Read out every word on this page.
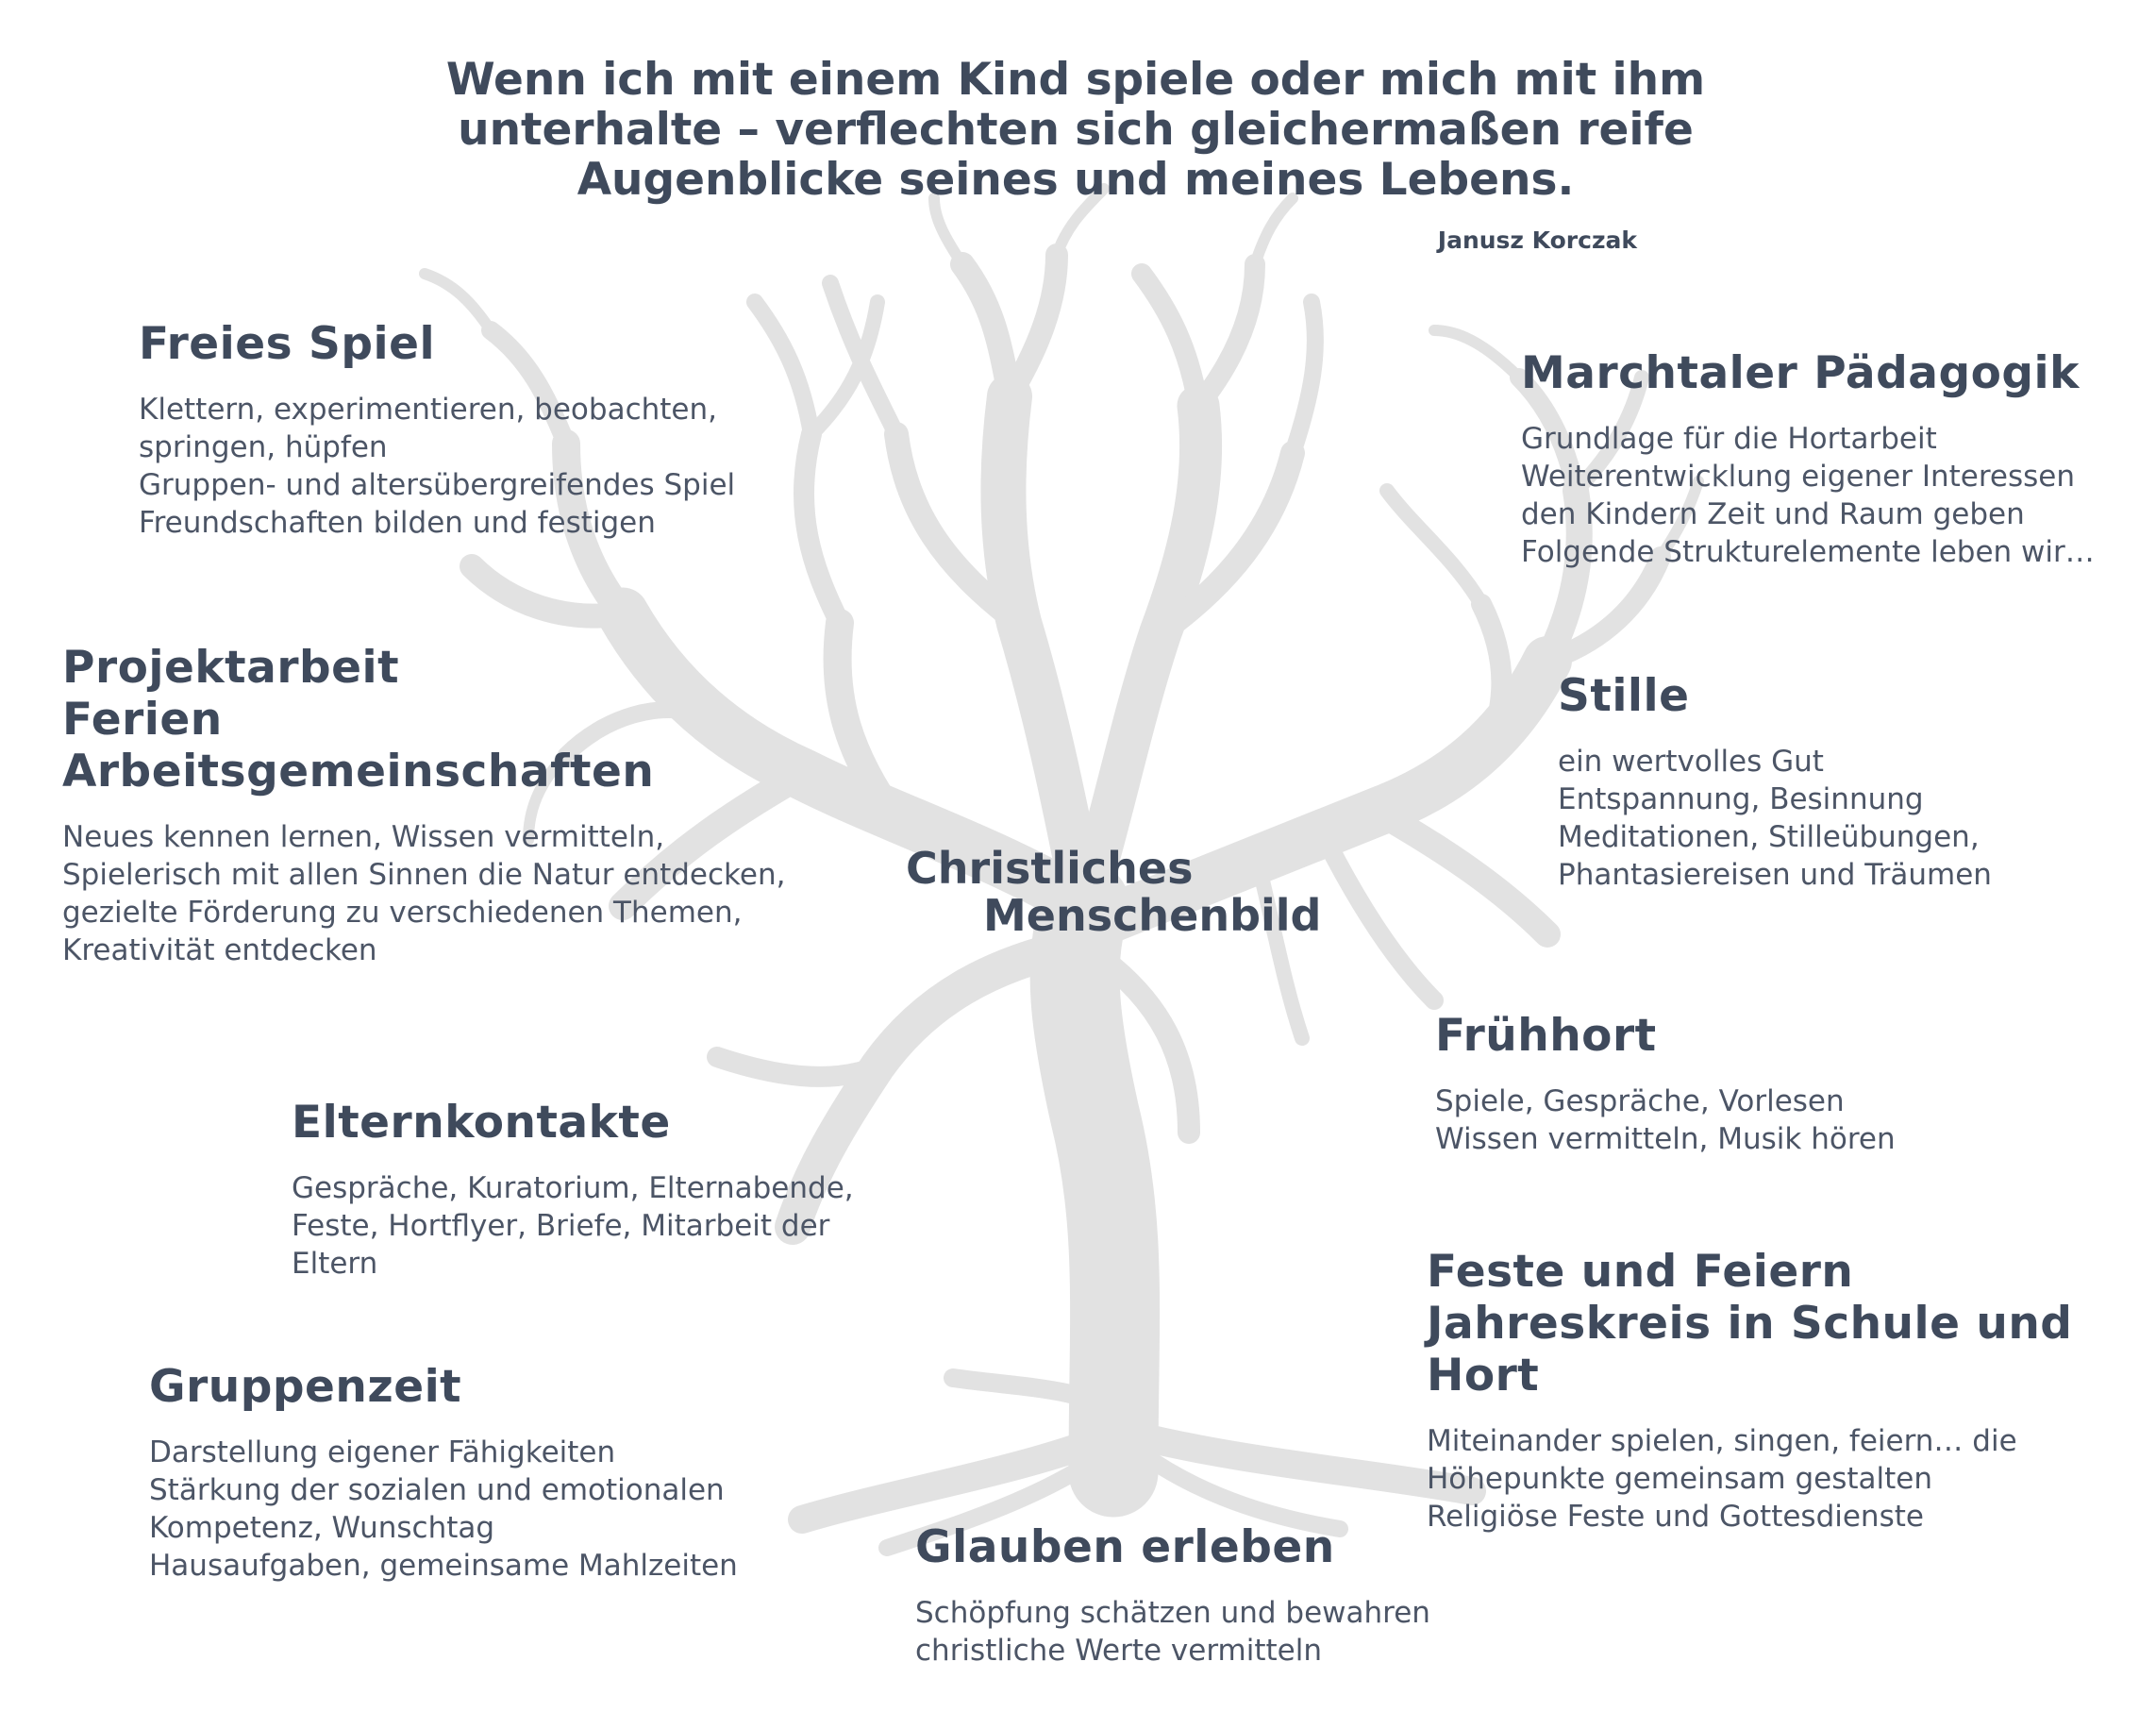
Wenn ich mit einem Kind spiele oder mich mit ihm
unterhalte – verflechten sich gleichermaßen reife
Augenblicke seines und meines Lebens.
Janusz Korczak
Christliches
Menschenbild
Freies Spiel
Klettern, experimentieren, beobachten,
springen, hüpfen
Gruppen- und altersübergreifendes Spiel
Freundschaften bilden und festigen
Projektarbeit
Ferien
Arbeitsgemeinschaften
Neues kennen lernen, Wissen vermitteln,
Spielerisch mit allen Sinnen die Natur entdecken,
gezielte Förderung zu verschiedenen Themen,
Kreativität entdecken
Elternkontakte
Gespräche, Kuratorium, Elternabende,
Feste, Hortflyer, Briefe, Mitarbeit der
Eltern
Gruppenzeit
Darstellung eigener Fähigkeiten
Stärkung der sozialen und emotionalen
Kompetenz, Wunschtag
Hausaufgaben, gemeinsame Mahlzeiten	Glauben erleben
Schöpfung schätzen und bewahren
christliche Werte vermitteln
Marchtaler Pädagogik
Grundlage für die Hortarbeit
Weiterentwicklung eigener Interessen
den Kindern Zeit und Raum geben
Folgende Strukturelemente leben wir…
Stille
ein wertvolles Gut
Entspannung, Besinnung
Meditationen, Stilleübungen,
Phantasiereisen und Träumen
Frühhort
Spiele, Gespräche, Vorlesen
Wissen vermitteln, Musik hören
Feste und Feiern
Jahreskreis in Schule und Hort
Miteinander spielen, singen, feiern… die
Höhepunkte gemeinsam gestalten
Religiöse Feste und Gottesdienste
